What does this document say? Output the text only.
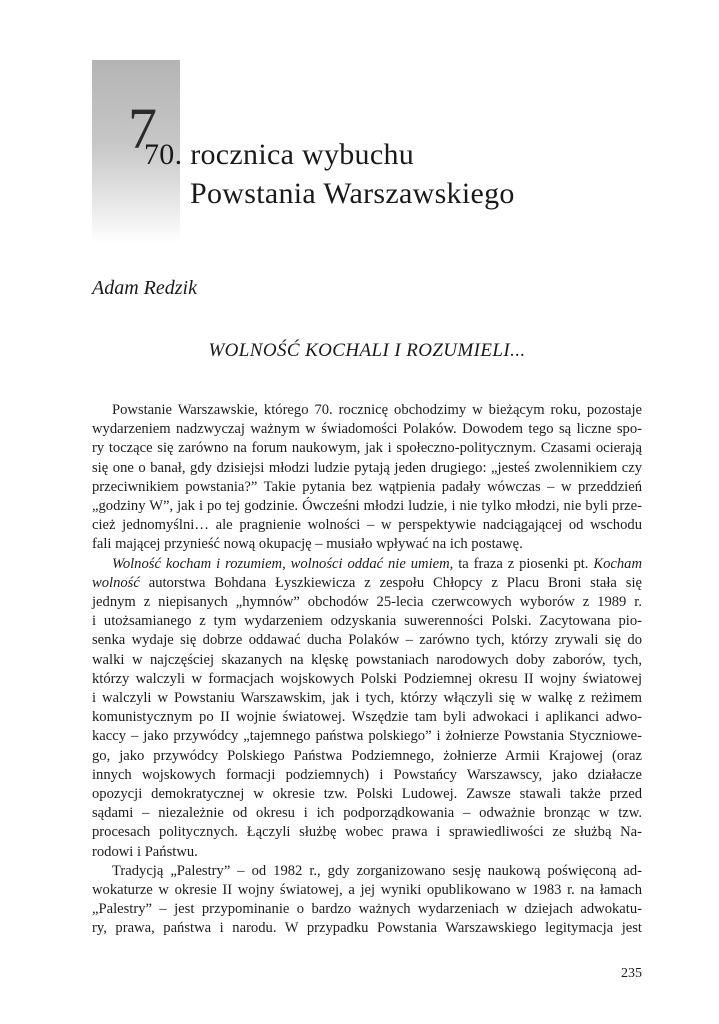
7
70. rocznica wybuchu
Powstania Warszawskiego
Adam Redzik
WOLNOŚĆ KOCHALI I ROZUMIELI...

Powstanie Warszawskie, którego 70. rocznicę obchodzimy w bieżącym roku, pozostaje
wydarzeniem nadzwyczaj ważnym w świadomości Polaków. Dowodem tego są liczne spo-
ry toczące się zarówno na forum naukowym, jak i społeczno-politycznym. Czasami ocierają
się one o banał, gdy dzisiejsi młodzi ludzie pytają jeden drugiego: „jesteś zwolennikiem czy
przeciwnikiem powstania?” Takie pytania bez wątpienia padały wówczas – w przeddzień
„godziny W”, jak i po tej godzinie. Ówcześni młodzi ludzie, i nie tylko młodzi, nie byli prze-
cież jednomyślni… ale pragnienie wolności – w perspektywie nadciągającej od wschodu
fali mającej przynieść nową okupację – musiało wpływać na ich postawę.

Wolność kocham i rozumiem, wolności oddać nie umiem, ta fraza z piosenki pt. Kocham
wolność autorstwa Bohdana Łyszkiewicza z zespołu Chłopcy z Placu Broni stała się
jednym z niepisanych „hymnów” obchodów 25-lecia czerwcowych wyborów z 1989 r.
i utożsamianego z tym wydarzeniem odzyskania suwerenności Polski. Zacytowana pio-
senka wydaje się dobrze oddawać ducha Polaków – zarówno tych, którzy zrywali się do
walki w najczęściej skazanych na klęskę powstaniach narodowych doby zaborów, tych,
którzy walczyli w formacjach wojskowych Polski Podziemnej okresu II wojny światowej
i walczyli w Powstaniu Warszawskim, jak i tych, którzy włączyli się w walkę z reżimem
komunistycznym po II wojnie światowej. Wszędzie tam byli adwokaci i aplikanci adwo-
kaccy – jako przywódcy „tajemnego państwa polskiego” i żołnierze Powstania Styczniowe-
go, jako przywódcy Polskiego Państwa Podziemnego, żołnierze Armii Krajowej (oraz
innych wojskowych formacji podziemnych) i Powstańcy Warszawscy, jako działacze
opozycji demokratycznej w okresie tzw. Polski Ludowej. Zawsze stawali także przed
sądami – niezależnie od okresu i ich podporządkowania – odważnie bronząc w tzw.
procesach politycznych. Łączyli służbę wobec prawa i sprawiedliwości ze służbą Na-
rodowi i Państwu.

Tradycją „Palestry” – od 1982 r., gdy zorganizowano sesję naukową poświęconą ad-
wokaturze w okresie II wojny światowej, a jej wyniki opublikowano w 1983 r. na łamach
„Palestry” – jest przypominanie o bardzo ważnych wydarzeniach w dziejach adwokatu-
ry, prawa, państwa i narodu. W przypadku Powstania Warszawskiego legitymacja jest

235
